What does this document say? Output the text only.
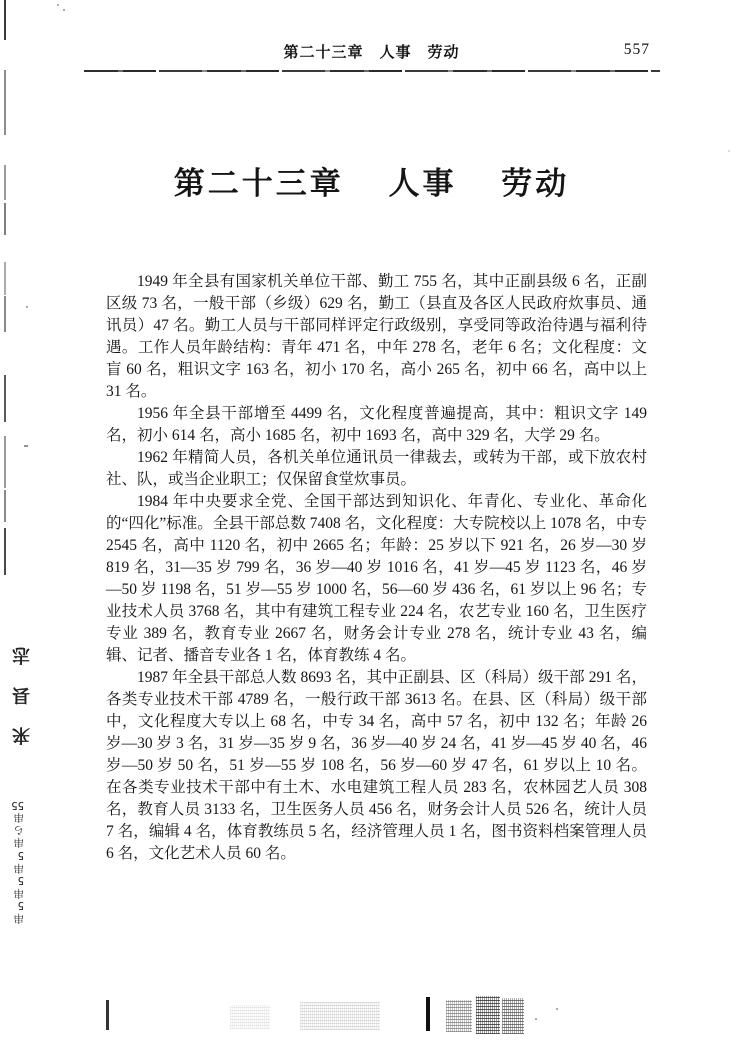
第二十三章　人事　劳动	557
第二十三章　 人事　 劳动

1949 年全县有国家机关单位干部、勤工 755 名，其中正副县级 6 名，正副区级 73 名，一般干部（乡级）629 名，勤工（县直及各区人民政府炊事员、通讯员）47 名。勤工人员与干部同样评定行政级别，享受同等政治待遇与福利待遇。工作人员年龄结构：青年 471 名，中年 278 名，老年 6 名；文化程度：文盲 60 名，粗识文字 163 名，初小 170 名，高小 265 名，初中 66 名，高中以上 31 名。

1956 年全县干部增至 4499 名，文化程度普遍提高，其中：粗识文字 149 名，初小 614 名，高小 1685 名，初中 1693 名，高中 329 名，大学 29 名。

1962 年精简人员，各机关单位通讯员一律裁去，或转为干部，或下放农村社、队，或当企业职工；仅保留食堂炊事员。

1984 年中央要求全党、全国干部达到知识化、年青化、专业化、革命化的“四化”标准。全县干部总数 7408 名，文化程度：大专院校以上 1078 名，中专 2545 名，高中 1120 名，初中 2665 名；年龄：25 岁以下 921 名，26 岁—30 岁 819 名，31—35 岁 799 名，36 岁—40 岁 1016 名，41 岁—45 岁 1123 名，46 岁—50 岁 1198 名，51 岁—55 岁 1000 名，56—60 岁 436 名，61 岁以上 96 名；专业技术人员 3768 名，其中有建筑工程专业 224 名，农艺专业 160 名，卫生医疗专业 389 名，教育专业 2667 名，财务会计专业 278 名，统计专业 43 名，编辑、记者、播音专业各 1 名，体育教练 4 名。

1987 年全县干部总人数 8693 名，其中正副县、区（科局）级干部 291 名，各类专业技术干部 4789 名，一般行政干部 3613 名。在县、区（科局）级干部中，文化程度大专以上 68 名，中专 34 名，高中 57 名，初中 132 名；年龄 26 岁—30 岁 3 名，31 岁—35 岁 9 名，36 岁—40 岁 24 名，41 岁—45 岁 40 名，46 岁—50 岁 50 名，51 岁—55 岁 108 名，56 岁—60 岁 47 名，61 岁以上 10 名。在各类专业技术干部中有土木、水电建筑工程人员 283 名，农林园艺人员 308 名，教育人员 3133 名，卫生医务人员 456 名，财务会计人员 526 名，统计人员 7 名，编辑 4 名，体育教练员 5 名，经济管理人员 1 名，图书资料档案管理人员 6 名，文化艺术人员 60 名。

来
县
志
串5串5串5串ら串55
